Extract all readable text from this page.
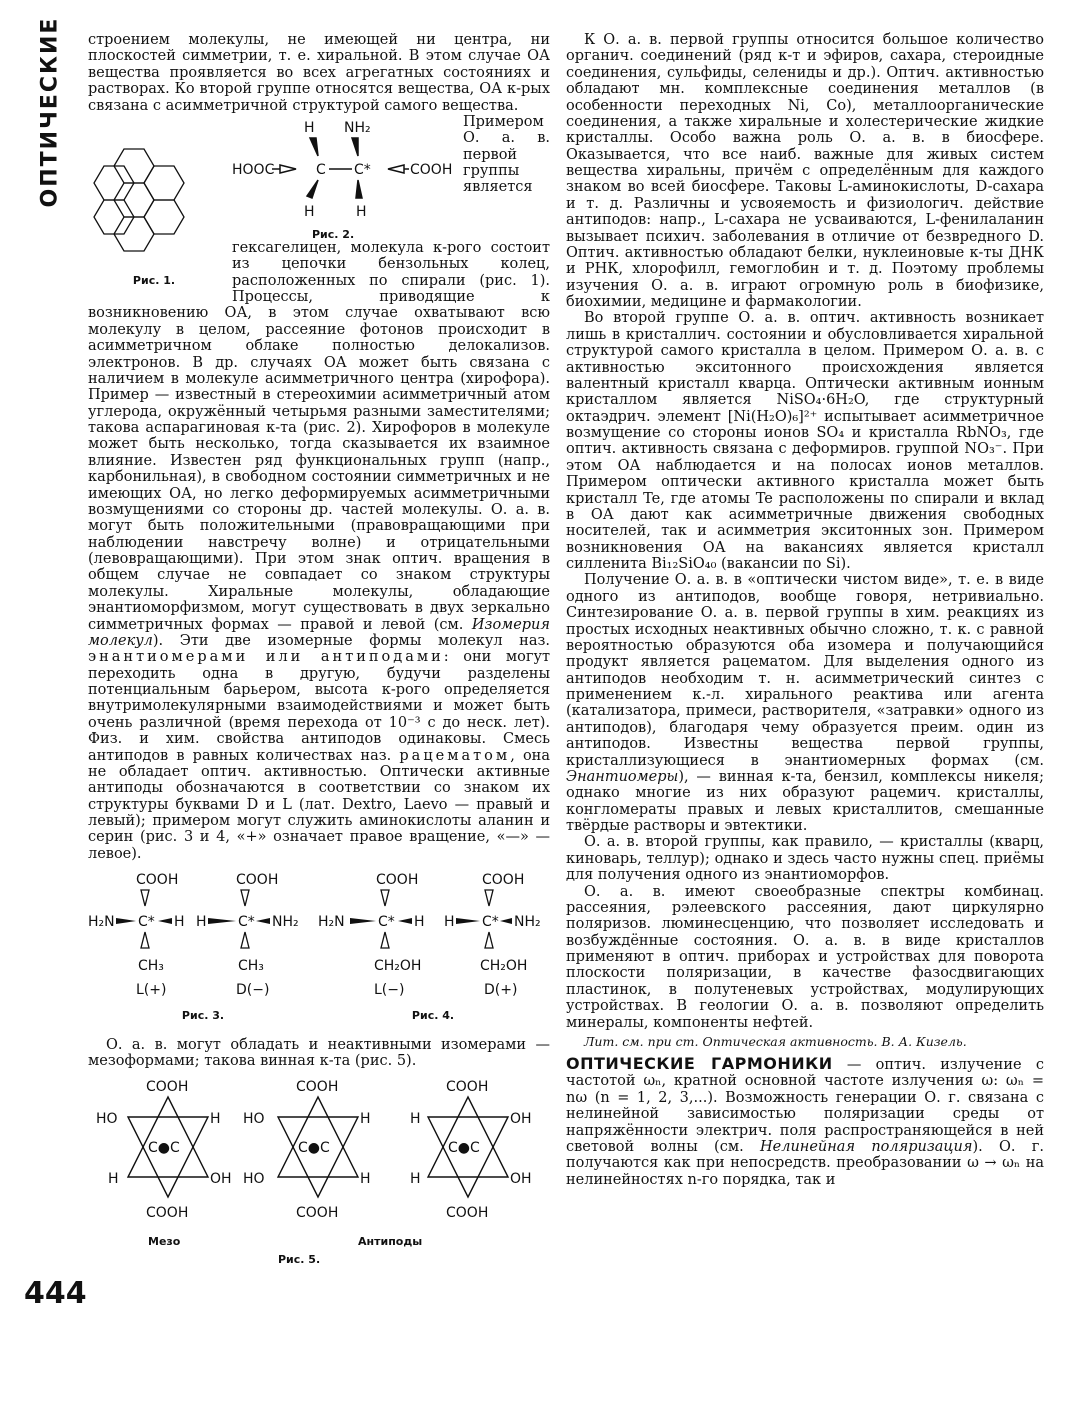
ОПТИЧЕСКИЕ
444

строением молекулы, не имеющей ни центра, ни плоскостей симметрии, т. е. хиральной. В этом случае ОА вещества проявляется во всех агрегатных состояниях и растворах. Ко второй группе относятся вещества, ОА к-рых связана с асимметричной структурой самого вещества.

Рис. 1.
H NH₂
HOOC	C C*	COOH
H	H
Рис. 2.

Примером О. а. в. первой группы является гексагелицен, молекула к-рого состоит из цепочки бензольных колец, расположенных по спирали (рис. 1). Процессы, приводящие к возникновению ОА, в этом случае охватывают всю молекулу в целом, рассеяние фотонов происходит в асимметричном облаке полностью делокализов. электронов. В др. случаях ОА может быть связана с наличием в молекуле асимметричного центра (хирофора). Пример — известный в стереохимии асимметричный атом углерода, окружённый четырьмя разными заместителями; такова аспарагиновая к-та (рис. 2). Хирофоров в молекуле может быть несколько, тогда сказывается их взаимное влияние. Известен ряд функциональных групп (напр., карбонильная), в свободном состоянии симметричных и не имеющих ОА, но легко деформируемых асимметричными возмущениями со стороны др. частей молекулы. О. а. в. могут быть положительными (правовращающими при наблюдении навстречу волне) и отрицательными (левовращающими). При этом знак оптич. вращения в общем случае не совпадает со знаком структуры молекулы. Хиральные молекулы, обладающие энантиоморфизмом, могут существовать в двух зеркально симметричных формах — правой и левой (см. Изомерия молекул). Эти две изомерные формы молекул наз. энантиомерами или антиподами: они могут переходить одна в другую, будучи разделены потенциальным барьером, высота к-рого определяется внутримолекулярными взаимодействиями и может быть очень различной (время перехода от 10⁻³ с до неск. лет). Физ. и хим. свойства антиподов одинаковы. Смесь антиподов в равных количествах наз. рацематом, она не обладает оптич. активностью. Оптически активные антиподы обозначаются в соответствии со знаком их структуры буквами D и L (лат. Dextro, Laevo — правый и левый); примером могут служить аминокислоты аланин и серин (рис. 3 и 4, «+» означает правое вращение, «—» — левое).

COOH
H₂N C* H
CH₃
L(+)
COOH
H C* NH₂
CH₃
D(−)
COOH
H₂N C* H
CH₂OH
L(−)
COOH
H C* NH₂
CH₂OH
D(+)
Рис. 3.	Рис. 4.

О. а. в. могут обладать и неактивными изомерами — мезоформами; такова винная к-та (рис. 5).

COOH
HO	H
C●C
H	OH
COOH
COOH
HO	H
C●C
HO	H
COOH
COOH
H	OH
C●C
H	OH
COOH
Мезо	Антиподы
Рис. 5.

К О. а. в. первой группы относится большое количество органич. соединений (ряд к-т и эфиров, сахара, стероидные соединения, сульфиды, селениды и др.). Оптич. активностью обладают мн. комплексные соединения металлов (в особенности переходных Ni, Co), металлоорганические соединения, а также хиральные и холестерические жидкие кристаллы. Особо важна роль О. а. в. в биосфере. Оказывается, что все наиб. важные для живых систем вещества хиральны, причём с определённым для каждого знаком во всей биосфере. Таковы L-аминокислоты, D-сахара и т. д. Различны и усвояемость и физиологич. действие антиподов: напр., L-сахара не усваиваются, L-фенилаланин вызывает психич. заболевания в отличие от безвредного D. Оптич. активностью обладают белки, нуклеиновые к-ты ДНК и РНК, хлорофилл, гемоглобин и т. д. Поэтому проблемы изучения О. а. в. играют огромную роль в биофизике, биохимии, медицине и фармакологии.

Во второй группе О. а. в. оптич. активность возникает лишь в кристаллич. состоянии и обусловливается хиральной структурой самого кристалла в целом. Примером О. а. в. с активностью экситонного происхождения является валентный кристалл кварца. Оптически активным ионным кристаллом является NiSO₄·6H₂O, где структурный октаэдрич. элемент [Ni(H₂O)₆]²⁺ испытывает асимметричное возмущение со стороны ионов SO₄ и кристалла RbNO₃, где оптич. активность связана с деформиров. группой NO₃⁻. При этом ОА наблюдается и на полосах ионов металлов. Примером оптически активного кристалла может быть кристалл Te, где атомы Te расположены по спирали и вклад в ОА дают как асимметричные движения свободных носителей, так и асимметрия экситонных зон. Примером возникновения ОА на вакансиях является кристалл силленита Bi₁₂SiO₄₀ (вакансии по Si).

Получение О. а. в. в «оптически чистом виде», т. е. в виде одного из антиподов, вообще говоря, нетривиально. Синтезирование О. а. в. первой группы в хим. реакциях из простых исходных неактивных обычно сложно, т. к. с равной вероятностью образуются оба изомера и получающийся продукт является рацематом. Для выделения одного из антиподов необходим т. н. асимметрический синтез с применением к.-л. хирального реактива или агента (катализатора, примеси, растворителя, «затравки» одного из антиподов), благодаря чему образуется преим. один из антиподов. Известны вещества первой группы, кристаллизующиеся в энантиомерных формах (см. Энантиомеры), — винная к-та, бензил, комплексы никеля; однако многие из них образуют рацемич. кристаллы, конгломераты правых и левых кристаллитов, смешанные твёрдые растворы и эвтектики.

О. а. в. второй группы, как правило, — кристаллы (кварц, киноварь, теллур); однако и здесь часто нужны спец. приёмы для получения одного из энантиоморфов.

О. а. в. имеют своеобразные спектры комбинац. рассеяния, рэлеевского рассеяния, дают циркулярно поляризов. люминесценцию, что позволяет исследовать и возбуждённые состояния. О. а. в. в виде кристаллов применяют в оптич. приборах и устройствах для поворота плоскости поляризации, в качестве фазосдвигающих пластинок, в полутеневых устройствах, модулирующих устройствах. В геологии О. а. в. позволяют определить минералы, компоненты нефтей.

Лит. см. при ст. Оптическая активность. В. А. Кизель.

ОПТИЧЕСКИЕ ГАРМОНИКИ — оптич. излучение с частотой ωₙ, кратной основной частоте излучения ω: ωₙ = nω (n = 1, 2, 3,...). Возможность генерации О. г. связана с нелинейной зависимостью поляризации среды от напряжённости электрич. поля распространяющейся в ней световой волны (см. Нелинейная поляризация). О. г. получаются как при непосредств. преобразовании ω → ωₙ на нелинейностях n-го порядка, так и
